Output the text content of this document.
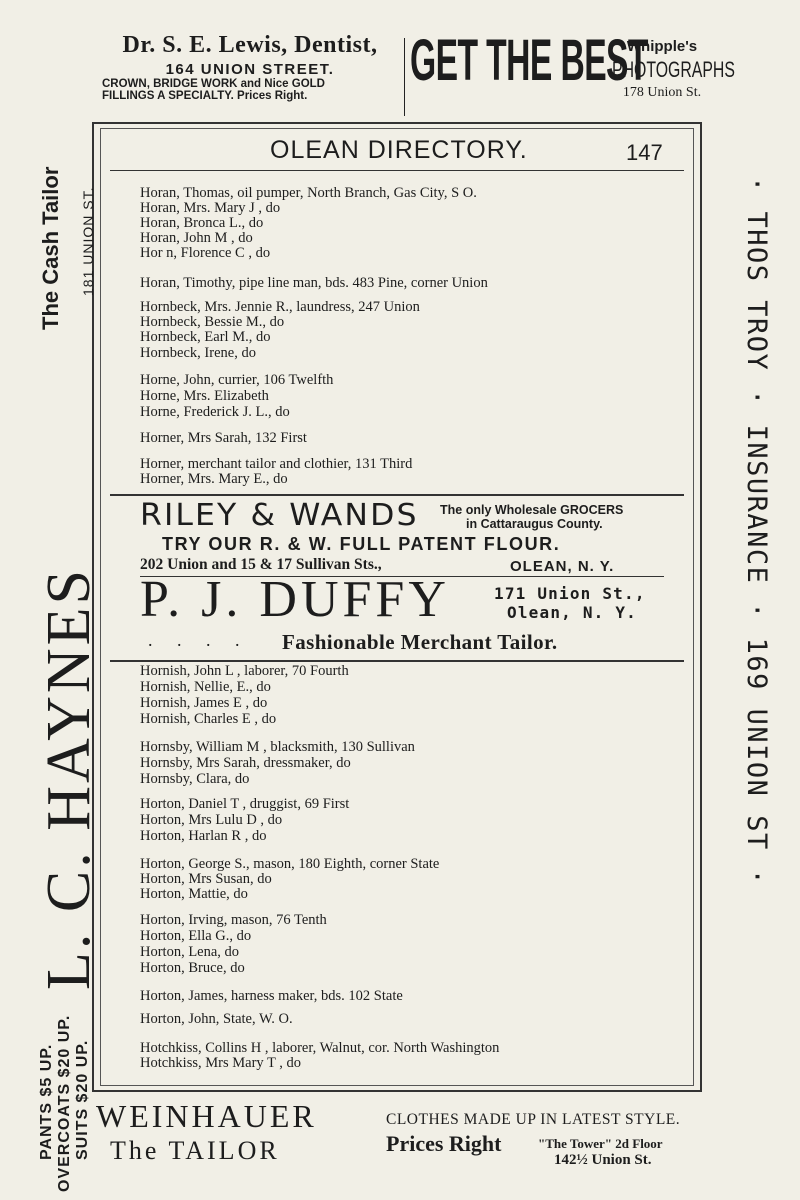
Dr. S. E. Lewis, Dentist,
164 UNION STREET.
CROWN, BRIDGE WORK and Nice GOLD
FILLINGS A SPECIALTY. Prices Right.
GET THE BEST
Whipple's
PHOTOGRAPHS
178 Union St.
The Cash Tailor 181 UNION ST.
L. C. HAYNES
PANTS $5 UP. OVERCOATS $20 UP. SUITS $20 UP.
· THOS TROY · INSURANCE · 169 UNION ST ·
OLEAN DIRECTORY.	147
Horan, Thomas, oil pumper, North Branch, Gas City, S O.
Horan, Mrs. Mary J , do
Horan, Bronca L., do
Horan, John M , do
Hor n, Florence C , do
Horan, Timothy, pipe line man, bds. 483 Pine, corner Union
Hornbeck, Mrs. Jennie R., laundress, 247 Union
Hornbeck, Bessie M., do
Hornbeck, Earl M., do
Hornbeck, Irene, do
Horne, John, currier, 106 Twelfth
Horne, Mrs. Elizabeth
Horne, Frederick J. L., do
Horner, Mrs Sarah, 132 First
Horner, merchant tailor and clothier, 131 Third
Horner, Mrs. Mary E., do
RILEY & WANDS The only Wholesale GROCERS
in Cattaraugus County.
TRY OUR R. & W. FULL PATENT FLOUR.
202 Union and 15 & 17 Sullivan Sts.,	OLEAN, N. Y.
P. J. DUFFY	171 Union St.,
Olean, N. Y.
. . . . Fashionable Merchant Tailor.
Hornish, John L , laborer, 70 Fourth
Hornish, Nellie, E., do
Hornish, James E , do
Hornish, Charles E , do
Hornsby, William M , blacksmith, 130 Sullivan
Hornsby, Mrs Sarah, dressmaker, do
Hornsby, Clara, do
Horton, Daniel T , druggist, 69 First
Horton, Mrs Lulu D , do
Horton, Harlan R , do
Horton, George S., mason, 180 Eighth, corner State
Horton, Mrs Susan, do
Horton, Mattie, do
Horton, Irving, mason, 76 Tenth
Horton, Ella G., do
Horton, Lena, do
Horton, Bruce, do
Horton, James, harness maker, bds. 102 State
Horton, John, State, W. O.
Hotchkiss, Collins H , laborer, Walnut, cor. North Washington
Hotchkiss, Mrs Mary T , do
WEINHAUER
The TAILOR
CLOTHES MADE UP IN LATEST STYLE.
Prices Right	"The Tower" 2d Floor
142½ Union St.
